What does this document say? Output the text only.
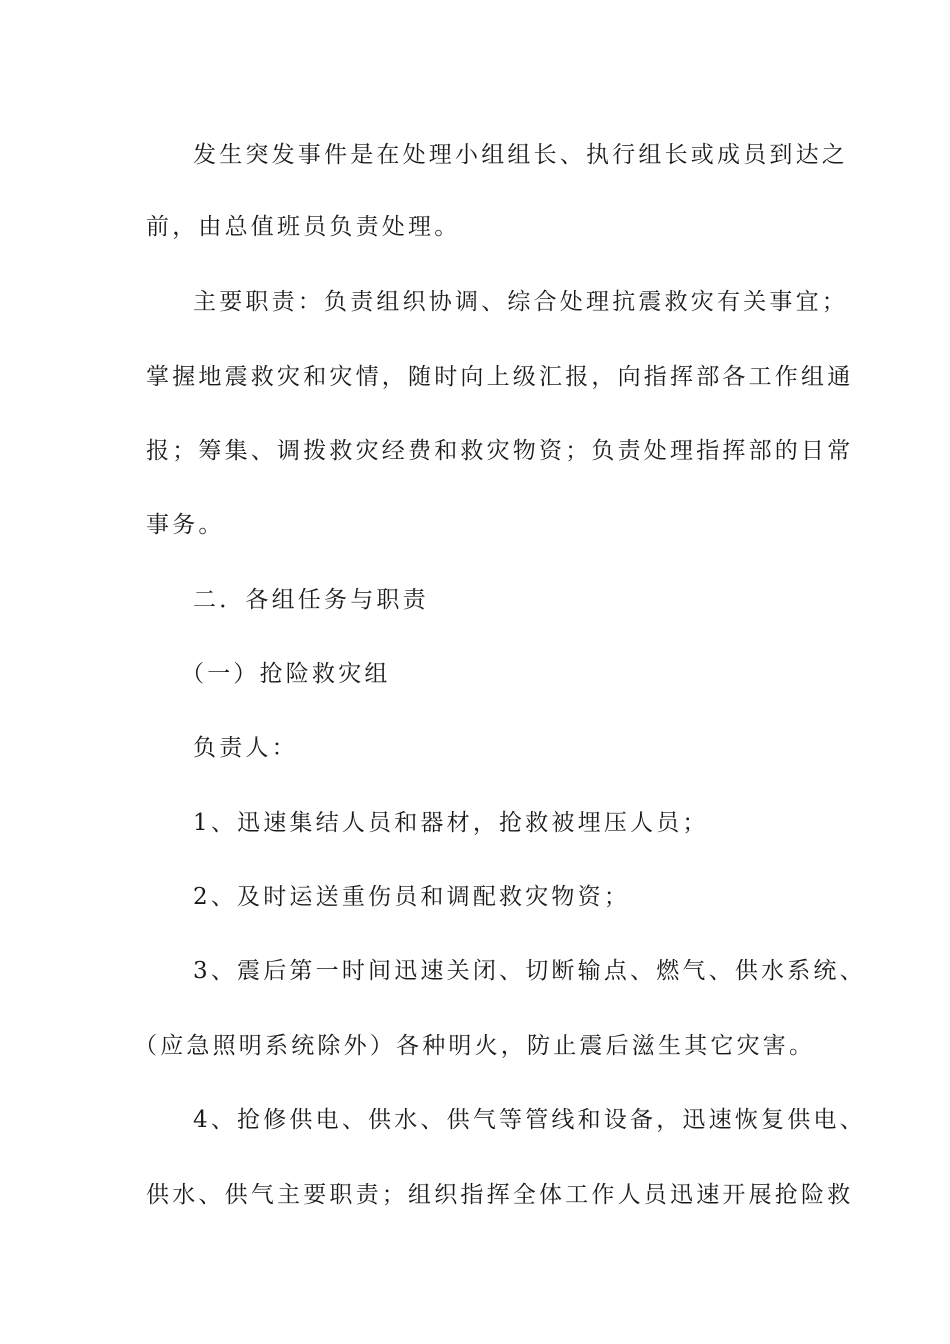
发生突发事件是在处理小组组长、执行组长或成员到达之
前，由总值班员负责处理。
主要职责：负责组织协调、综合处理抗震救灾有关事宜；
掌握地震救灾和灾情，随时向上级汇报，向指挥部各工作组通
报；筹集、调拨救灾经费和救灾物资；负责处理指挥部的日常
事务。
二．各组任务与职责
（一）抢险救灾组
负责人：
1、迅速集结人员和器材，抢救被埋压人员；
2、及时运送重伤员和调配救灾物资；
3、震后第一时间迅速关闭、切断输点、燃气、供水系统、
（应急照明系统除外）各种明火，防止震后滋生其它灾害。
4、抢修供电、供水、供气等管线和设备，迅速恢复供电、
供水、供气主要职责；组织指挥全体工作人员迅速开展抢险救
